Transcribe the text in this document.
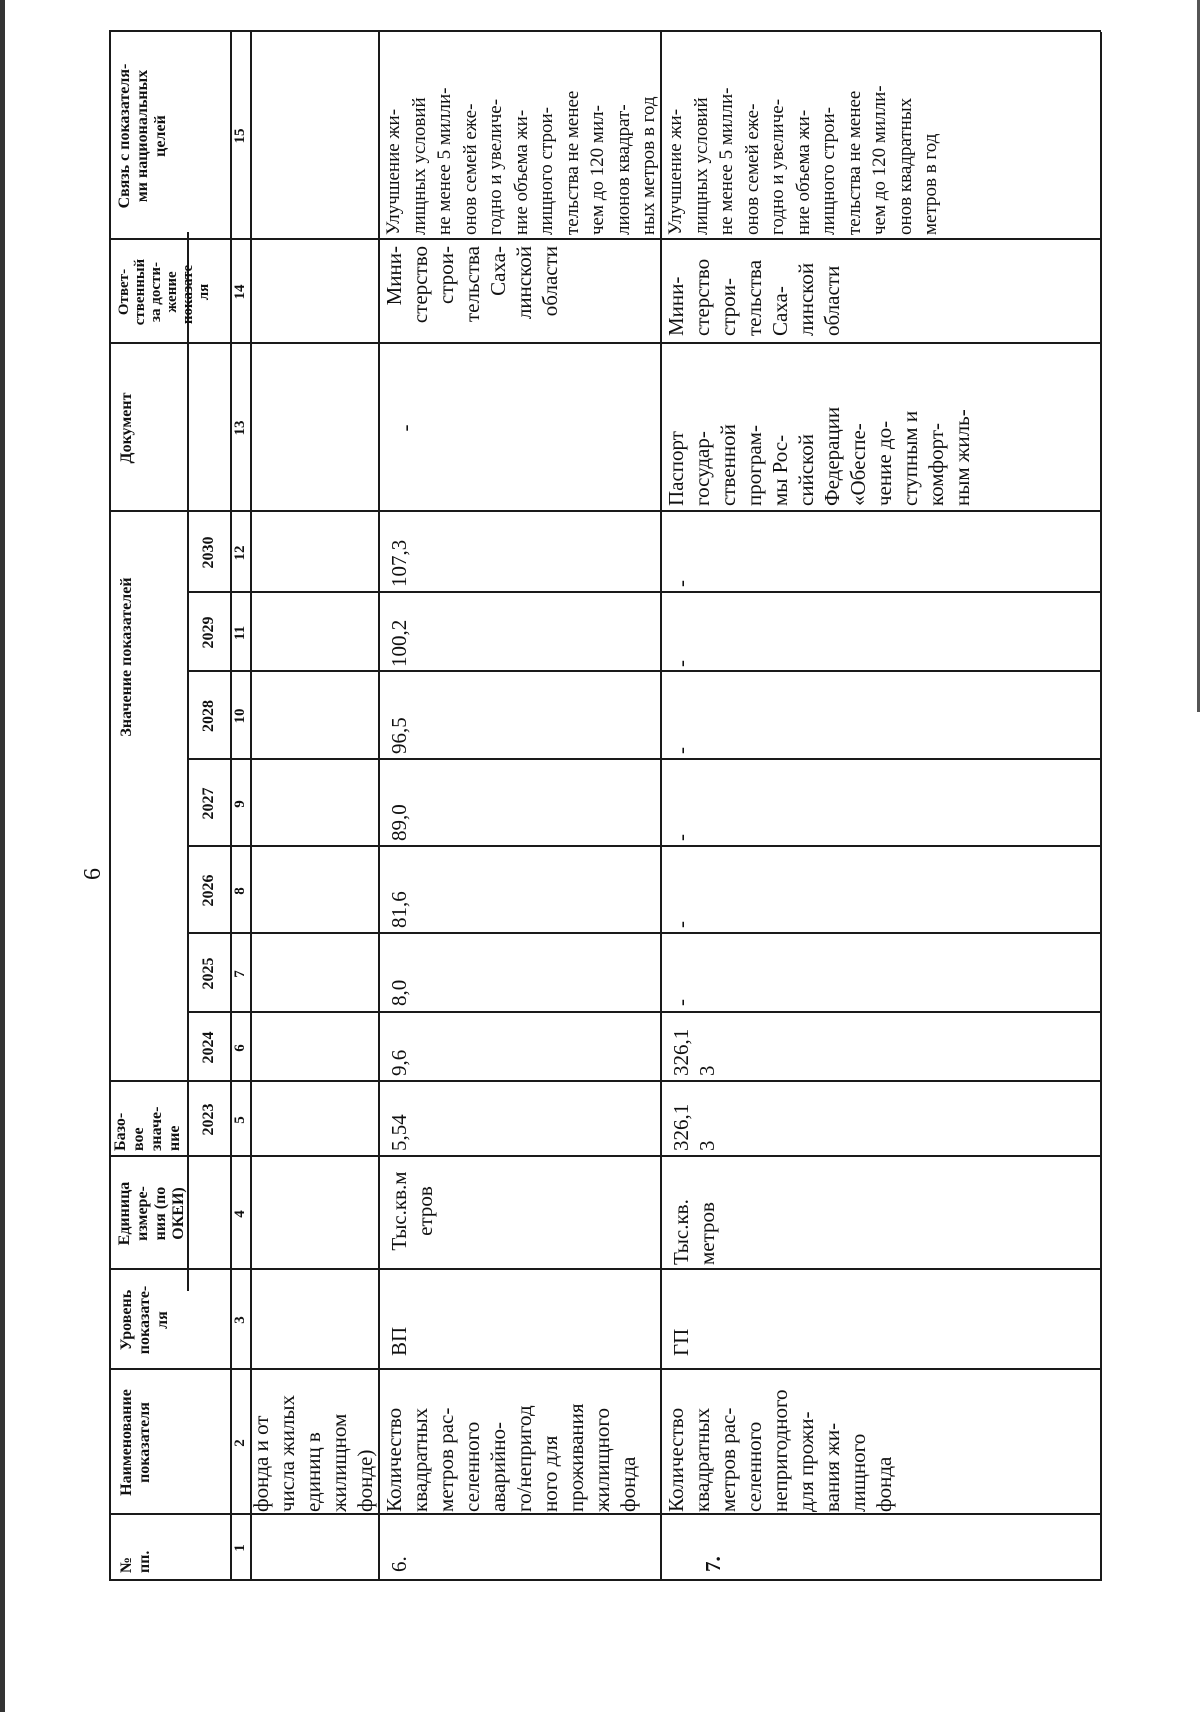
6
№
пп.
Наименование
показателя
Уровень
показате-
ля
Единица
измере-
ния (по
ОКЕИ)
Базо-
вое
значе-
ние
Значение показателей
Документ
Ответ-
ственный
за дости-
жение
показате-
ля
Связь с показателя-
ми национальных
целей
2023
2024
2025
2026
2027
2028
2029
2030
1
2
3
4
5
6
7
8
9
10
11
12
13
14
15
фонда и от
числа жилых
единиц в
жилищном
фонде)
6.
Количество
квадратных
метров рас-
селенного
аварийно-
го/непригод
ного для
проживания
жилищного
фонда
ВП
Тыс.кв.м
етров
5,54
9,6
8,0
81,6
89,0
96,5
100,2
107,3
-
Мини-
стерство
строи-
тельства
Саха-
линской
области
Улучшение жи-
лищных условий
не менее 5 милли-
онов семей еже-
годно и увеличе-
ние объема жи-
лищного строи-
тельства не менее
чем до 120 мил-
лионов квадрат-
ных метров в год
7.
Количество
квадратных
метров рас-
селенного
непригодного
для прожи-
вания жи-
лищного
фонда
ГП
Тыс.кв.
метров
326,1
3
326,1
3
-
-
-
-
-
-
Паспорт
государ-
ственной
програм-
мы Рос-
сийской
Федерации
«Обеспе-
чение до-
ступным и
комфорт-
ным жиль-
Мини-
стерство
строи-
тельства
Саха-
линской
области
Улучшение жи-
лищных условий
не менее 5 милли-
онов семей еже-
годно и увеличе-
ние объема жи-
лищного строи-
тельства не менее
чем до 120 милли-
онов квадратных
метров в год
